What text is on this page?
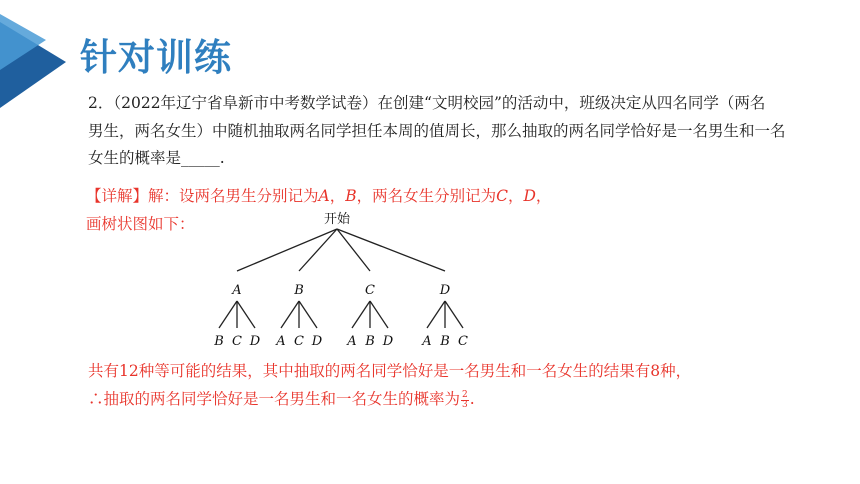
针对训练
2．（2022年辽宁省阜新市中考数学试卷）在创建“文明校园”的活动中，班级决定从四名同学（两名
男生，两名女生）中随机抽取两名同学担任本周的值周长，那么抽取的两名同学恰好是一名男生和一名
女生的概率是_____.
【详解】解：设两名男生分别记为𝐴，𝐵，两名女生分别记为𝐶，𝐷，
画树状图如下：	开始
A
B C D
B
A C D
C
A B D
D
A B C
共有12种等可能的结果，其中抽取的两名同学恰好是一名男生和一名女生的结果有8种，
∴抽取的两名同学恰好是一名男生和一名女生的概率为 $\frac{2}{3}$ .
